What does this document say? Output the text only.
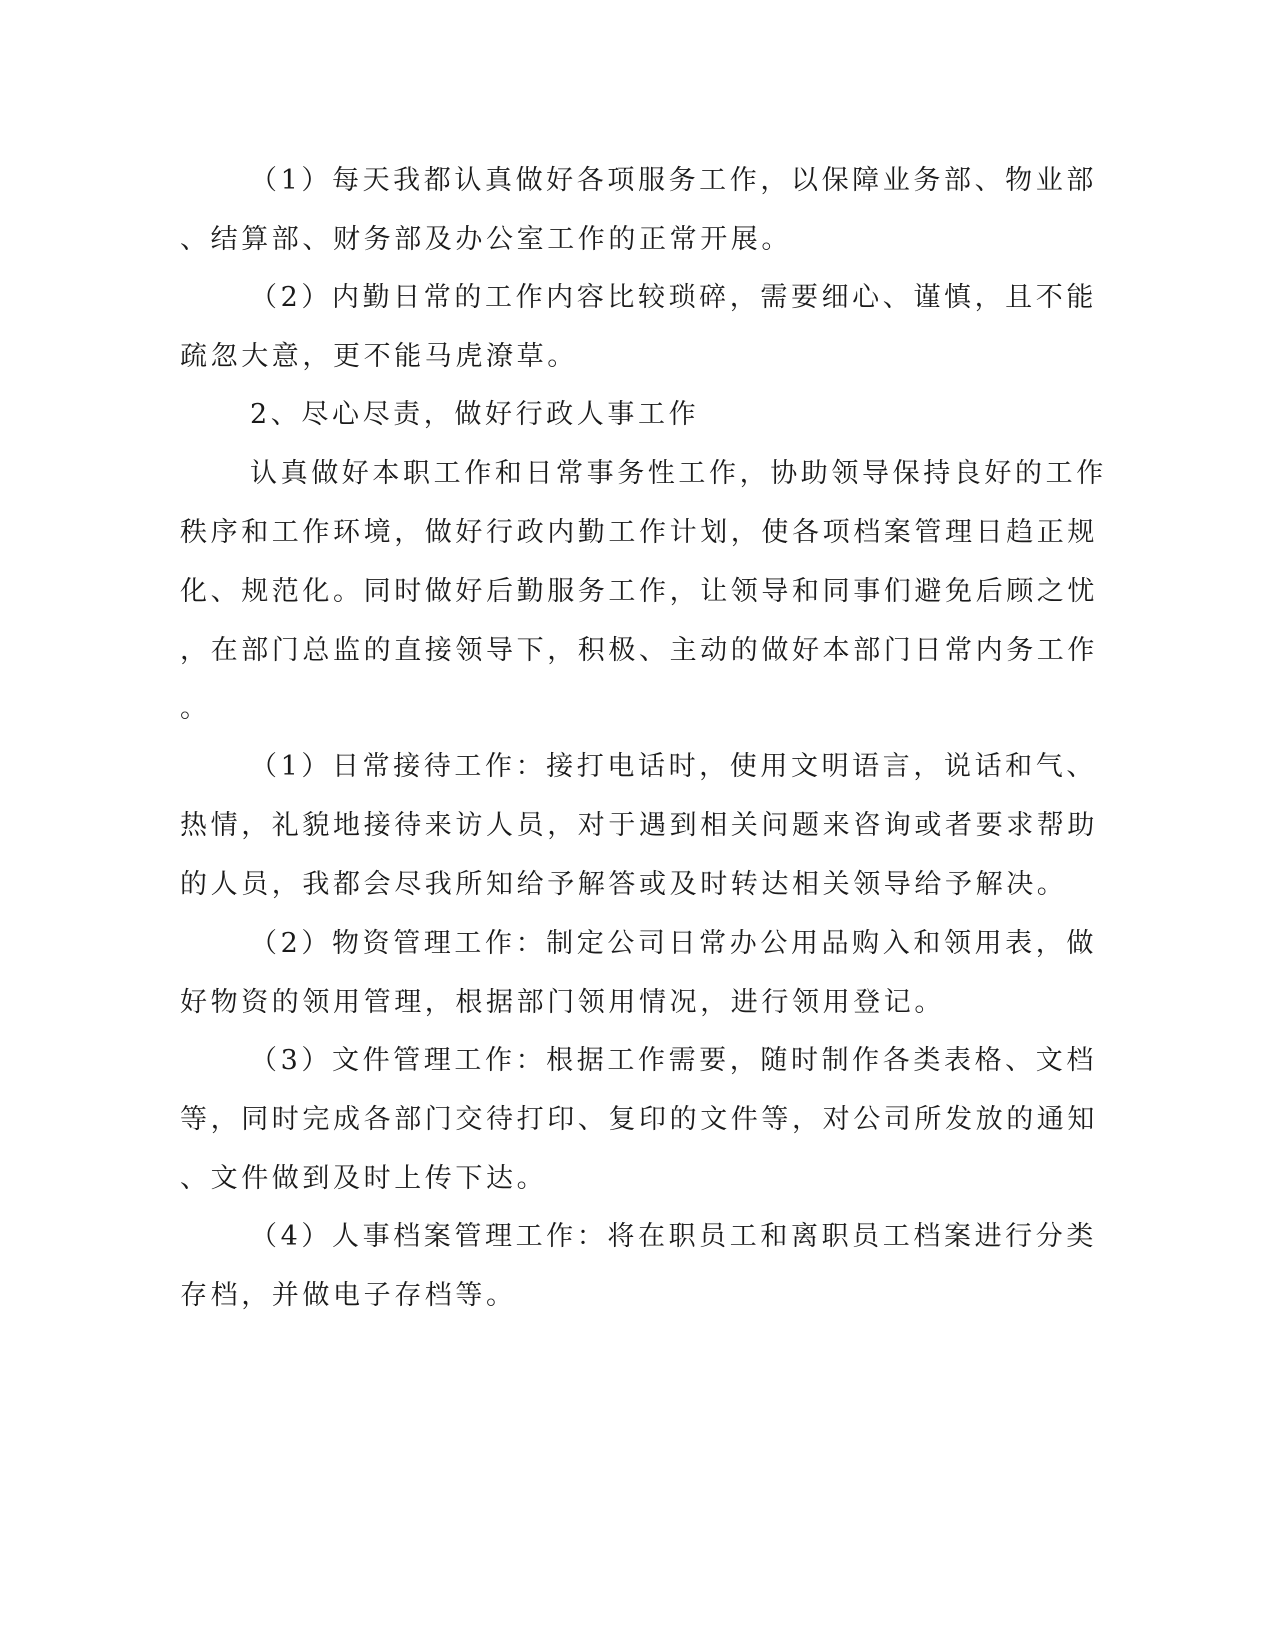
（1）每天我都认真做好各项服务工作，以保障业务部、物业部
、结算部、财务部及办公室工作的正常开展。
（2）内勤日常的工作内容比较琐碎，需要细心、谨慎，且不能
疏忽大意，更不能马虎潦草。
2、尽心尽责，做好行政人事工作
认真做好本职工作和日常事务性工作，协助领导保持良好的工作
秩序和工作环境，做好行政内勤工作计划，使各项档案管理日趋正规
化、规范化。同时做好后勤服务工作，让领导和同事们避免后顾之忧
，在部门总监的直接领导下，积极、主动的做好本部门日常内务工作
。
（1）日常接待工作：接打电话时，使用文明语言，说话和气、
热情，礼貌地接待来访人员，对于遇到相关问题来咨询或者要求帮助
的人员，我都会尽我所知给予解答或及时转达相关领导给予解决。
（2）物资管理工作：制定公司日常办公用品购入和领用表，做
好物资的领用管理，根据部门领用情况，进行领用登记。
（3）文件管理工作：根据工作需要，随时制作各类表格、文档
等，同时完成各部门交待打印、复印的文件等，对公司所发放的通知
、文件做到及时上传下达。
（4）人事档案管理工作：将在职员工和离职员工档案进行分类
存档，并做电子存档等。
